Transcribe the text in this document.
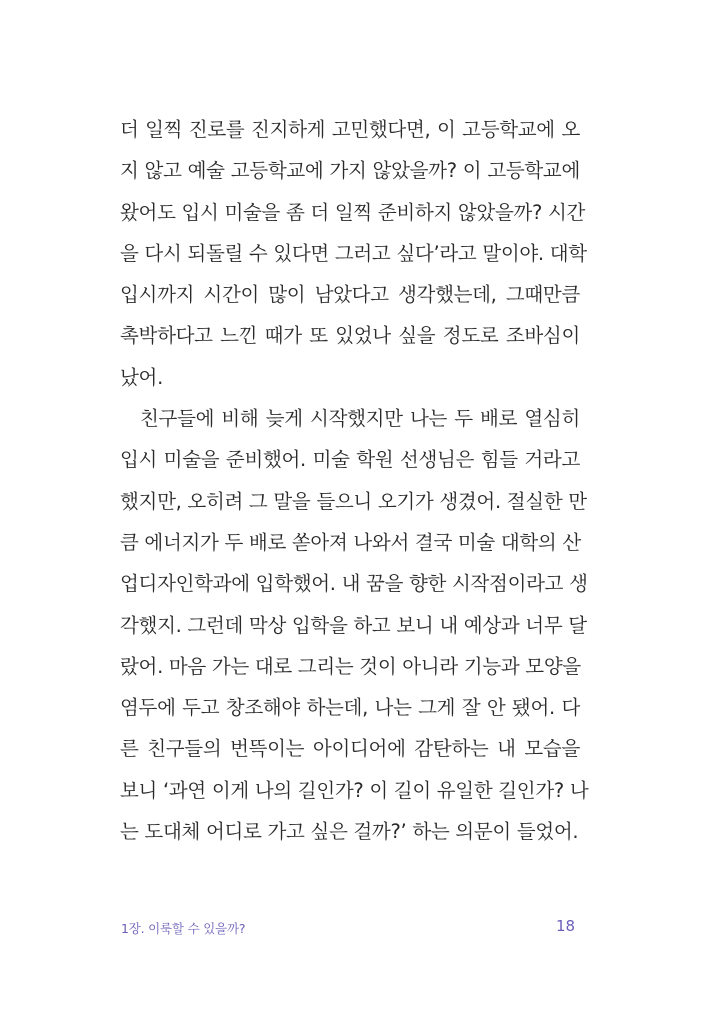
더 일찍 진로를 진지하게 고민했다면, 이 고등학교에 오
지 않고 예술 고등학교에 가지 않았을까? 이 고등학교에
왔어도 입시 미술을 좀 더 일찍 준비하지 않았을까? 시간
을 다시 되돌릴 수 있다면 그러고 싶다’라고 말이야. 대학
입시까지 시간이 많이 남았다고 생각했는데, 그때만큼
촉박하다고 느낀 때가 또 있었나 싶을 정도로 조바심이
났어.
친구들에 비해 늦게 시작했지만 나는 두 배로 열심히
입시 미술을 준비했어. 미술 학원 선생님은 힘들 거라고
했지만, 오히려 그 말을 들으니 오기가 생겼어. 절실한 만
큼 에너지가 두 배로 쏟아져 나와서 결국 미술 대학의 산
업디자인학과에 입학했어. 내 꿈을 향한 시작점이라고 생
각했지. 그런데 막상 입학을 하고 보니 내 예상과 너무 달
랐어. 마음 가는 대로 그리는 것이 아니라 기능과 모양을
염두에 두고 창조해야 하는데, 나는 그게 잘 안 됐어. 다
른 친구들의 번뜩이는 아이디어에 감탄하는 내 모습을
보니 ‘과연 이게 나의 길인가? 이 길이 유일한 길인가? 나
는 도대체 어디로 가고 싶은 걸까?’ 하는 의문이 들었어.
1장. 이룩할 수 있을까?	18
